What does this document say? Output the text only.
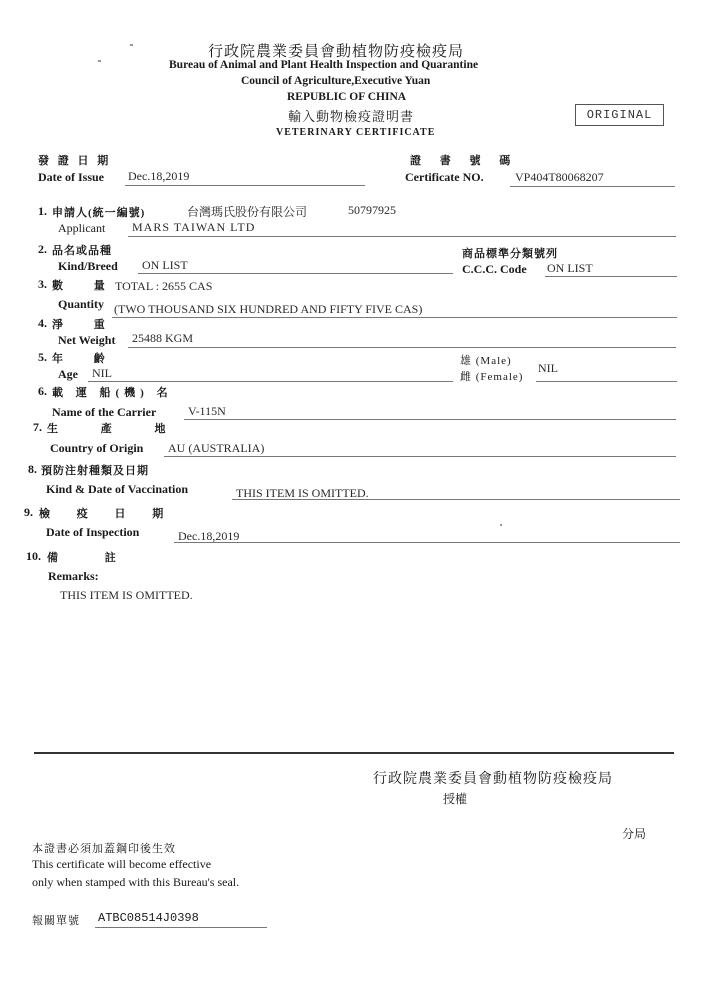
行政院農業委員會動植物防疫檢疫局
Bureau of Animal and Plant Health Inspection and Quarantine
Council of Agriculture,Executive Yuan
REPUBLIC OF CHINA
輸入動物檢疫證明書
VETERINARY CERTIFICATE
ORIGINAL
發 證 日 期
Date of Issue Dec.18,2019
證 書 號 碼
Certificate NO.	VP404T80068207
1. 申請人(統一編號)	台灣瑪氏股份有限公司	50797925
Applicant MARS TAIWAN LTD
2. 品名或品種
Kind/Breed ON LIST
商品標準分類號列
C.C.C. Code ON LIST
3. 數 量
TOTAL : 2655 CAS
Quantity (TWO THOUSAND SIX HUNDRED AND FIFTY FIVE CAS)
4. 淨 重
Net Weight 25488 KGM
5. 年 齡
Age NIL
雄 (Male)
雌 (Female)
NIL
6. 載 運 船(機) 名
Name of the Carrier	V-115N
7. 生 產 地
Country of Origin AU (AUSTRALIA)
8. 預防注射種類及日期
Kind & Date of Vaccination	THIS ITEM IS OMITTED.
9. 檢 疫 日 期
Date of Inspection	Dec.18,2019
10. 備 註
Remarks:
THIS ITEM IS OMITTED.
行政院農業委員會動植物防疫檢疫局
授權
分局
本證書必須加蓋鋼印後生效
This certificate will become effective
only when stamped with this Bureau's seal.
報關單號 ATBC08514J0398
